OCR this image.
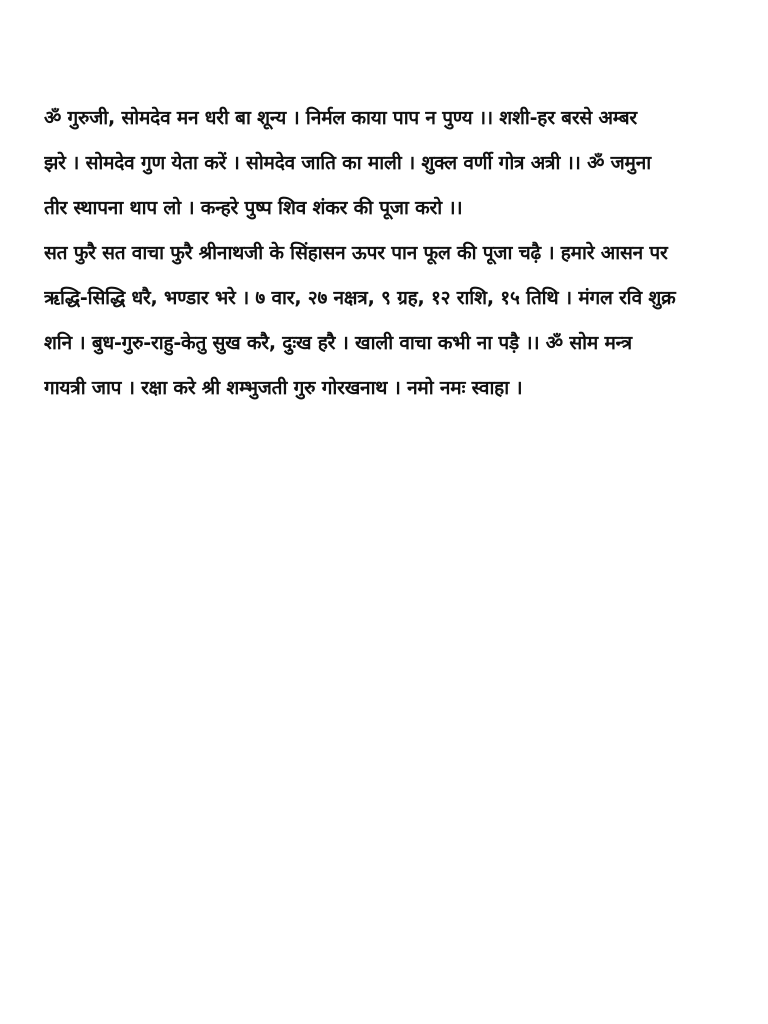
ॐ गुरुजी, सोमदेव मन धरी बा शून्य । निर्मल काया पाप न पुण्य ।। शशी-हर बरसे अम्बर
झरे । सोमदेव गुण येता करें । सोमदेव जाति का माली । शुक्ल वर्णी गोत्र अत्री ।। ॐ जमुना
तीर स्थापना थाप लो । कन्हरे पुष्प शिव शंकर की पूजा करो ।।
सत फुरै सत वाचा फुरै श्रीनाथजी के सिंहासन ऊपर पान फूल की पूजा चढ़ै । हमारे आसन पर
ऋद्धि-सिद्धि धरै, भण्डार भरे । ७ वार, २७ नक्षत्र, ९ ग्रह, १२ राशि, १५ तिथि । मंगल रवि शुक्र
शनि । बुध-गुरु-राहु-केतु सुख करै, दुःख हरै । खाली वाचा कभी ना पड़ै ।। ॐ सोम मन्त्र
गायत्री जाप । रक्षा करे श्री शम्भुजती गुरु गोरखनाथ । नमो नमः स्वाहा ।
